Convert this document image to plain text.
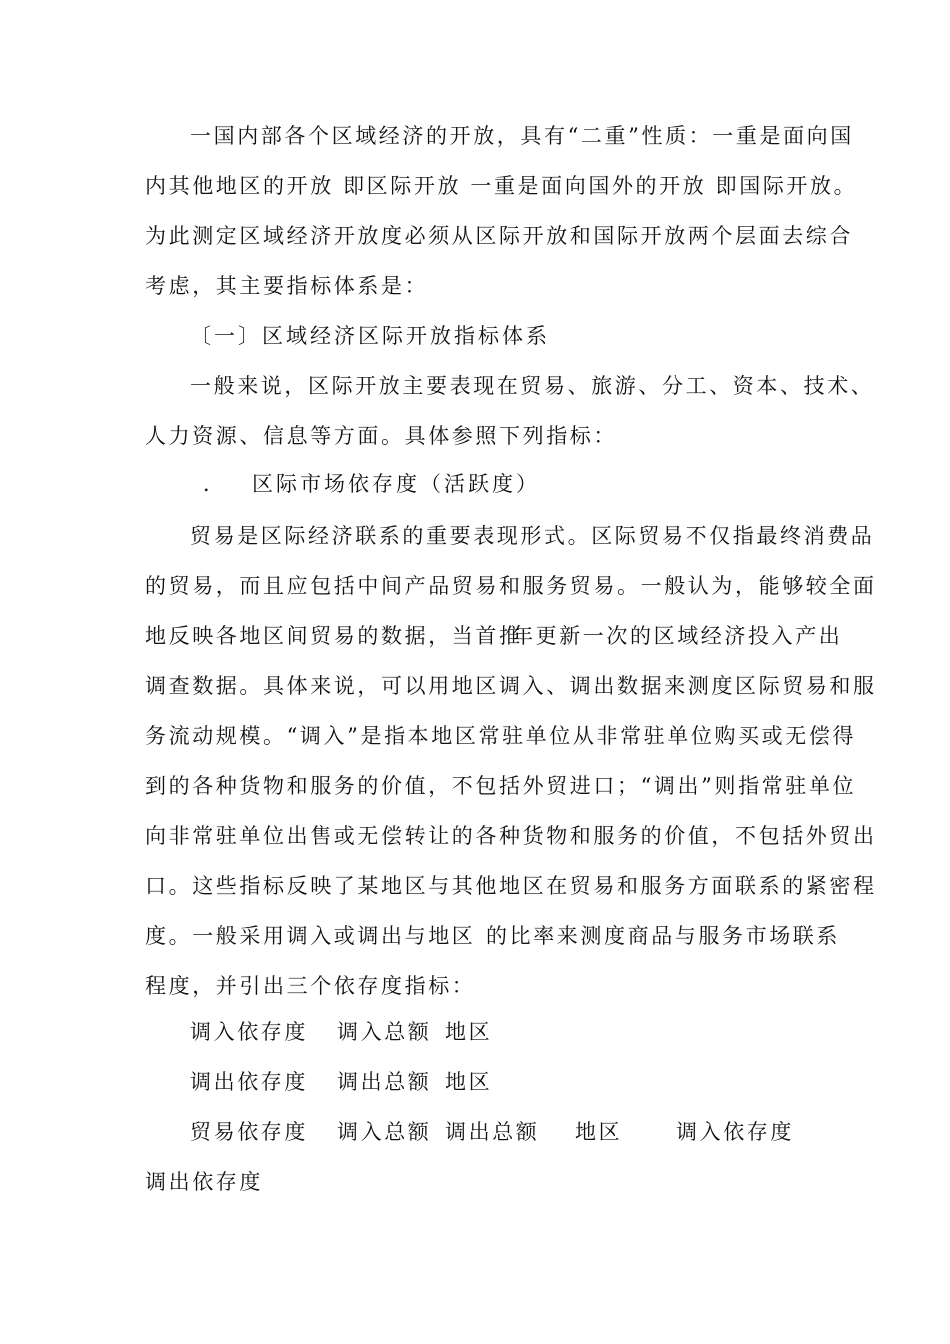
一国内部各个区域经济的开放，具有“二重”性质：一重是面向国
内其他地区的开放 即区际开放 一重是面向国外的开放 即国际开放。
为此测定区域经济开放度必须从区际开放和国际开放两个层面去综合
考虑，其主要指标体系是：
〔一〕区域经济区际开放指标体系
一般来说，区际开放主要表现在贸易、旅游、分工、资本、技术、
人力资源、信息等方面。具体参照下列指标：
． 区际市场依存度（活跃度）
贸易是区际经济联系的重要表现形式。区际贸易不仅指最终消费品
的贸易，而且应包括中间产品贸易和服务贸易。一般认为，能够较全面
地反映各地区间贸易的数据，当首推
年更新一次的区域经济投入产出
调查数据。具体来说，可以用地区调入、调出数据来测度区际贸易和服
务流动规模。“调入”是指本地区常驻单位从非常驻单位购买或无偿得
到的各种货物和服务的价值，不包括外贸进口；“调出”则指常驻单位
向非常驻单位出售或无偿转让的各种货物和服务的价值，不包括外贸出
口。这些指标反映了某地区与其他地区在贸易和服务方面联系的紧密程
度。一般采用调入或调出与地区 的比率来测度商品与服务市场联系
程度，并引出三个依存度指标：
调入依存度 调入总额 地区
调出依存度 调出总额 地区
贸易依存度 调入总额 调出总额 地区	调入依存度
调出依存度
